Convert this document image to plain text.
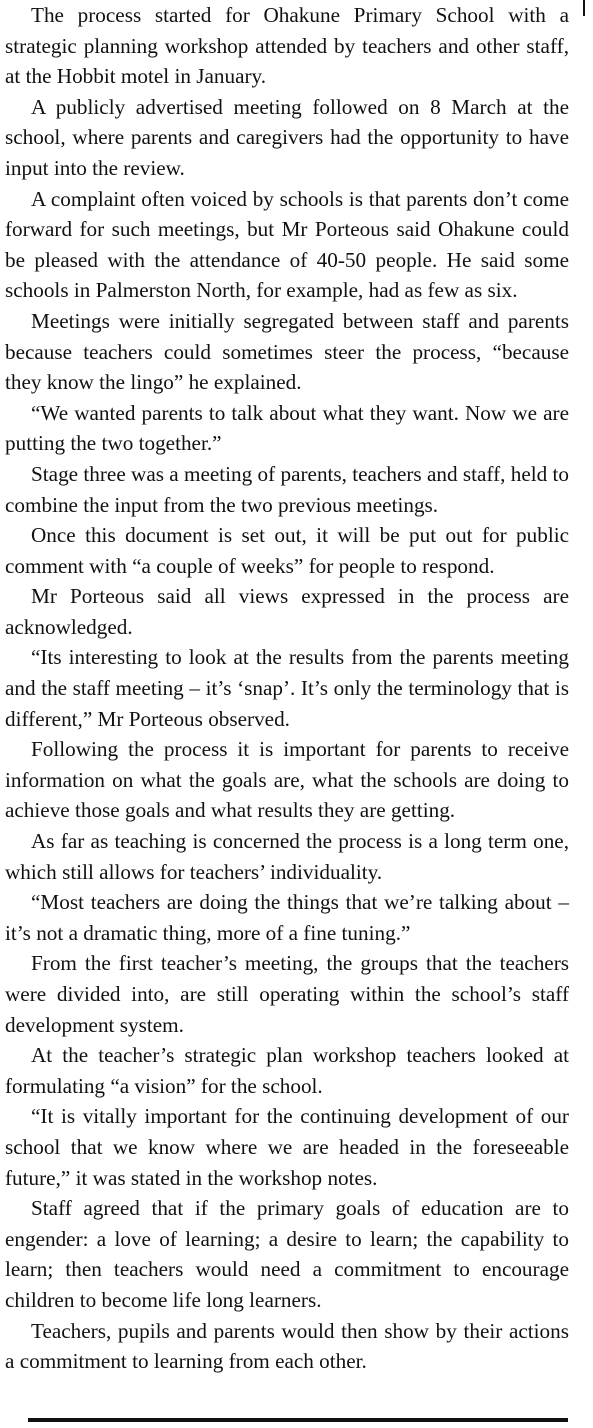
The process started for Ohakune Primary School with a strategic planning workshop attended by teachers and other staff, at the Hobbit motel in January.

A publicly advertised meeting followed on 8 March at the school, where parents and caregivers had the opportunity to have input into the review.

A complaint often voiced by schools is that parents don’t come forward for such meetings, but Mr Porteous said Ohakune could be pleased with the attendance of 40-50 people. He said some schools in Palmerston North, for example, had as few as six.

Meetings were initially segregated between staff and parents because teachers could sometimes steer the process, “because they know the lingo” he explained.

“We wanted parents to talk about what they want. Now we are putting the two together.”

Stage three was a meeting of parents, teachers and staff, held to combine the input from the two previous meetings.

Once this document is set out, it will be put out for public comment with “a couple of weeks” for people to respond.

Mr Porteous said all views expressed in the process are acknowledged.

“Its interesting to look at the results from the parents meeting and the staff meeting – it’s ‘snap’. It’s only the terminology that is different,” Mr Porteous observed.

Following the process it is important for parents to receive information on what the goals are, what the schools are doing to achieve those goals and what results they are getting.

As far as teaching is concerned the process is a long term one, which still allows for teachers’ individuality.

“Most teachers are doing the things that we’re talking about – it’s not a dramatic thing, more of a fine tuning.”

From the first teacher’s meeting, the groups that the teachers were divided into, are still operating within the school’s staff development system.

At the teacher’s strategic plan workshop teachers looked at formulating “a vision” for the school.

“It is vitally important for the continuing development of our school that we know where we are headed in the foreseeable future,” it was stated in the workshop notes.

Staff agreed that if the primary goals of education are to engender: a love of learning; a desire to learn; the capability to learn; then teachers would need a commitment to encourage children to become life long learners.

Teachers, pupils and parents would then show by their actions a commitment to learning from each other.
